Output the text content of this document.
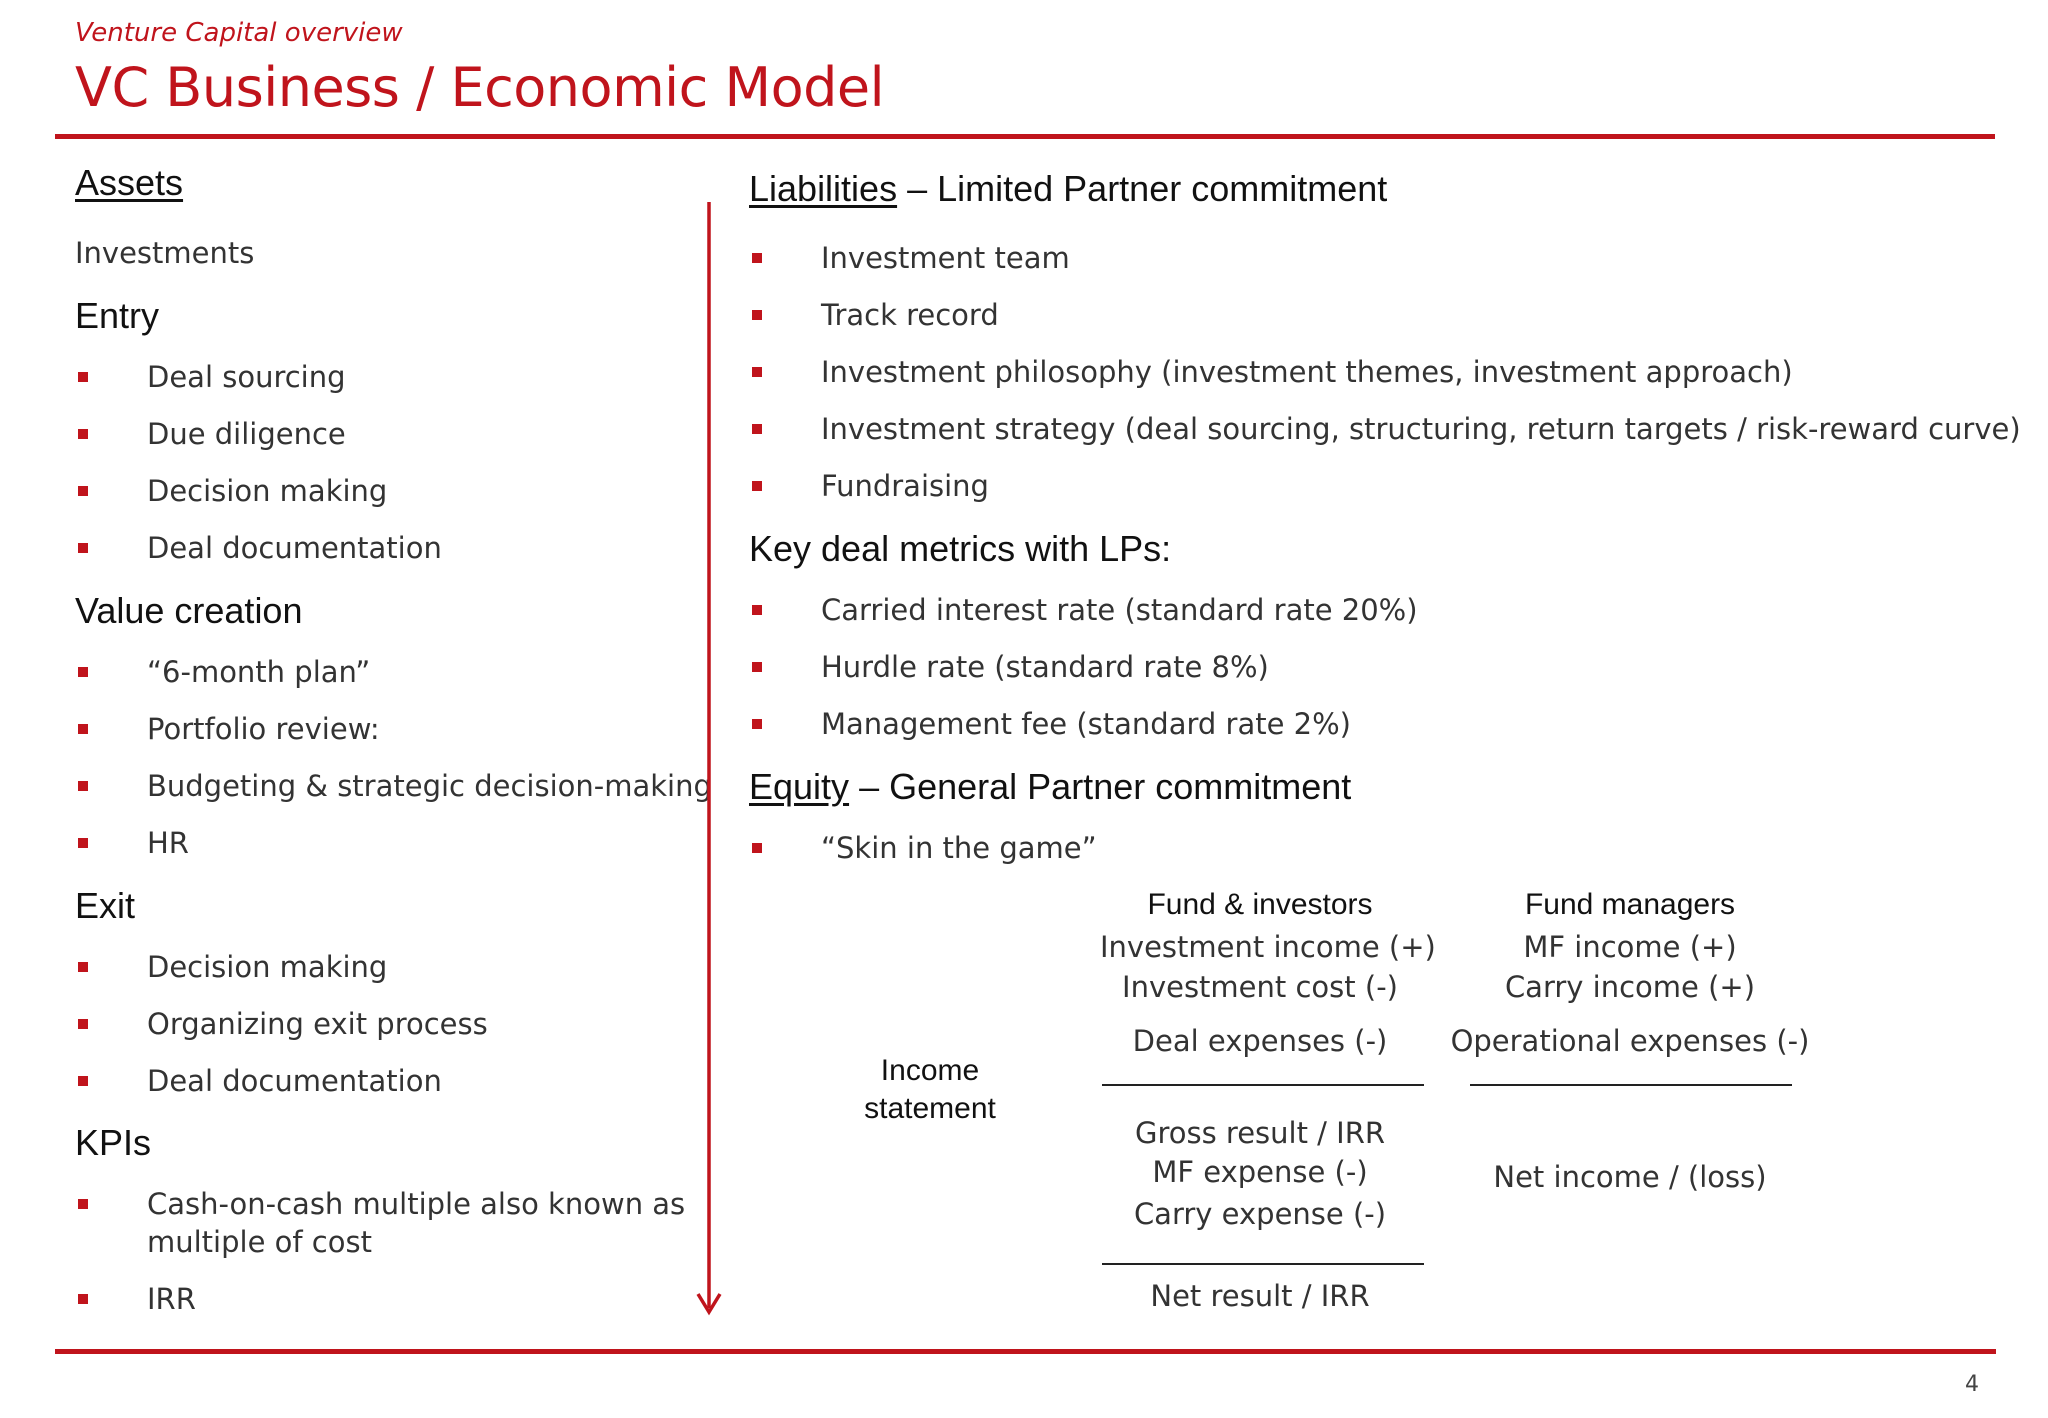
Venture Capital overview
VC Business / Economic Model
Assets
Investments
Entry
Deal sourcing
Due diligence
Decision making
Deal documentation
Value creation
“6-month plan”
Portfolio review:
Budgeting & strategic decision-making
HR
Exit
Decision making
Organizing exit process
Deal documentation
KPIs
Cash-on-cash multiple also known as
multiple of cost
IRR
Liabilities – Limited Partner commitment
Investment team
Track record
Investment philosophy (investment themes, investment approach)
Investment strategy (deal sourcing, structuring, return targets / risk-reward curve)
Fundraising
Key deal metrics with LPs:
Carried interest rate (standard rate 20%)
Hurdle rate (standard rate 8%)
Management fee (standard rate 2%)
Equity – General Partner commitment
“Skin in the game”
Income
statement
Fund & investors
Investment income (+)
Investment cost (-)
Deal expenses (-)
Gross result / IRR
MF expense (-)
Carry expense (-)
Net result / IRR
Fund managers
MF income (+)
Carry income (+)
Operational expenses (-)
Net income / (loss)
4
